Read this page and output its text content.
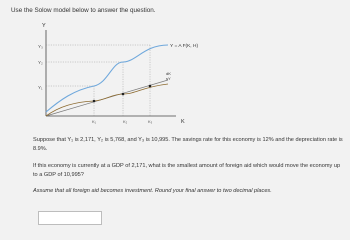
Use the Solow model below to answer the question.
Y
K
Y₃
Y₂
Y₁
K₁	K₂	K₃
Y = A F(K, H)
dK
sY
Suppose that Y₁ is 2,171, Y₂ is 5,768, and Y₃ is 10,995. The savings rate for this economy is 12% and the depreciation rate is 8.9%.
If this economy is currently at a GDP of 2,171, what is the smallest amount of foreign aid which would move the economy up to a GDP of 10,995?
Assume that all foreign aid becomes investment. Round your final answer to two decimal places.
